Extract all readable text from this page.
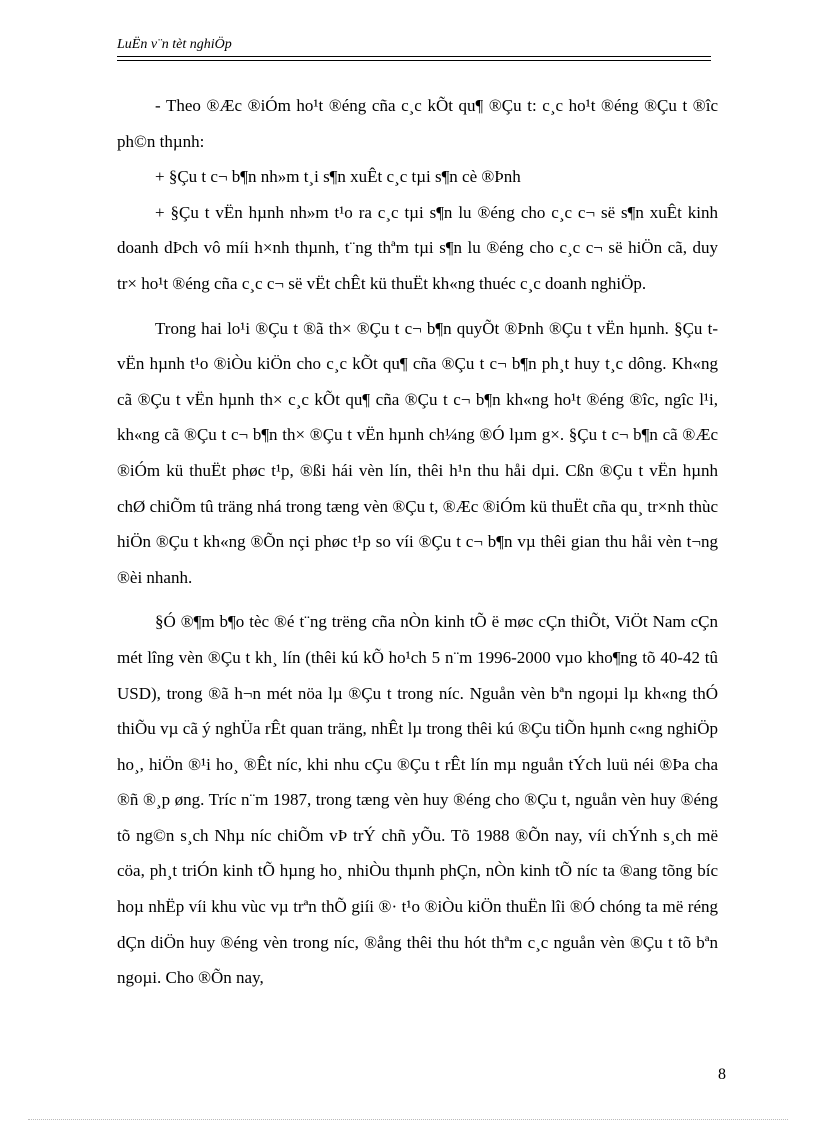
LuËn v¨n tèt nghiÖp

- Theo ®Æc ®iÓm ho¹t ®éng cña c¸c kÕt qu¶ ®Çu t: c¸c ho¹t ®éng ®Çu t ®îc ph©n thµnh:

+ §Çu t c¬ b¶n nh»m t¸i s¶n xuÊt c¸c tµi s¶n cè ®Þnh

+ §Çu t vËn hµnh nh»m t¹o ra c¸c tµi s¶n lu ®éng cho c¸c c¬ së s¶n xuÊt kinh doanh dÞch vô míi h×nh thµnh, t¨ng thªm tµi s¶n lu ®éng cho c¸c c¬ së hiÖn cã, duy tr× ho¹t ®éng cña c¸c c¬ së vËt chÊt kü thuËt kh«ng thuéc c¸c doanh nghiÖp.

Trong hai lo¹i ®Çu t ®ã th× ®Çu t c¬ b¶n quyÕt ®Þnh ®Çu t vËn hµnh. §Çu t vËn hµnh t¹o ®iÒu kiÖn cho c¸c kÕt qu¶ cña ®Çu t c¬ b¶n ph¸t huy t¸c dông. Kh«ng cã ®Çu t vËn hµnh th× c¸c kÕt qu¶ cña ®Çu t c¬ b¶n kh«ng ho¹t ®éng ®îc, ngîc l¹i, kh«ng cã ®Çu t c¬ b¶n th× ®Çu t vËn hµnh ch¼ng ®Ó lµm g×. §Çu t c¬ b¶n cã ®Æc ®iÓm kü thuËt phøc t¹p, ®ßi hái vèn lín, thêi h¹n thu håi dµi. Cßn ®Çu t vËn hµnh chØ chiÕm tû träng nhá trong tæng vèn ®Çu t, ®Æc ®iÓm kü thuËt cña qu¸ tr×nh thùc hiÖn ®Çu t kh«ng ®Õn nçi phøc t¹p so víi ®Çu t c¬ b¶n vµ thêi gian thu håi vèn t¬ng ®èi nhanh.

§Ó ®¶m b¶o tèc ®é t¨ng trëng cña nÒn kinh tÕ ë møc cÇn thiÕt, ViÖt Nam cÇn mét lîng vèn ®Çu t kh¸ lín (thêi kú kÕ ho¹ch 5 n¨m 1996-2000 vµo kho¶ng tõ 40-42 tû USD), trong ®ã h¬n mét nöa lµ ®Çu t trong níc. Nguån vèn bªn ngoµi lµ kh«ng thÓ thiÕu vµ cã ý nghÜa rÊt quan träng, nhÊt lµ trong thêi kú ®Çu tiÕn hµnh c«ng nghiÖp ho¸, hiÖn ®¹i ho¸ ®Êt níc, khi nhu cÇu ®Çu t rÊt lín mµ nguån tÝch luü néi ®Þa cha ®ñ ®¸p øng. Tríc n¨m 1987, trong tæng vèn huy ®éng cho ®Çu t, nguån vèn huy ®éng tõ ng©n s¸ch Nhµ níc chiÕm vÞ trÝ chñ yÕu. Tõ 1988 ®Õn nay, víi chÝnh s¸ch më cöa, ph¸t triÓn kinh tÕ hµng ho¸ nhiÒu thµnh phÇn, nÒn kinh tÕ níc ta ®ang tõng bíc hoµ nhËp víi khu vùc vµ trªn thÕ giíi ®· t¹o ®iÒu kiÖn thuËn lîi ®Ó chóng ta më réng dÇn diÖn huy ®éng vèn trong níc, ®ång thêi thu hót thªm c¸c nguån vèn ®Çu t tõ bªn ngoµi. Cho ®Õn nay,

8
